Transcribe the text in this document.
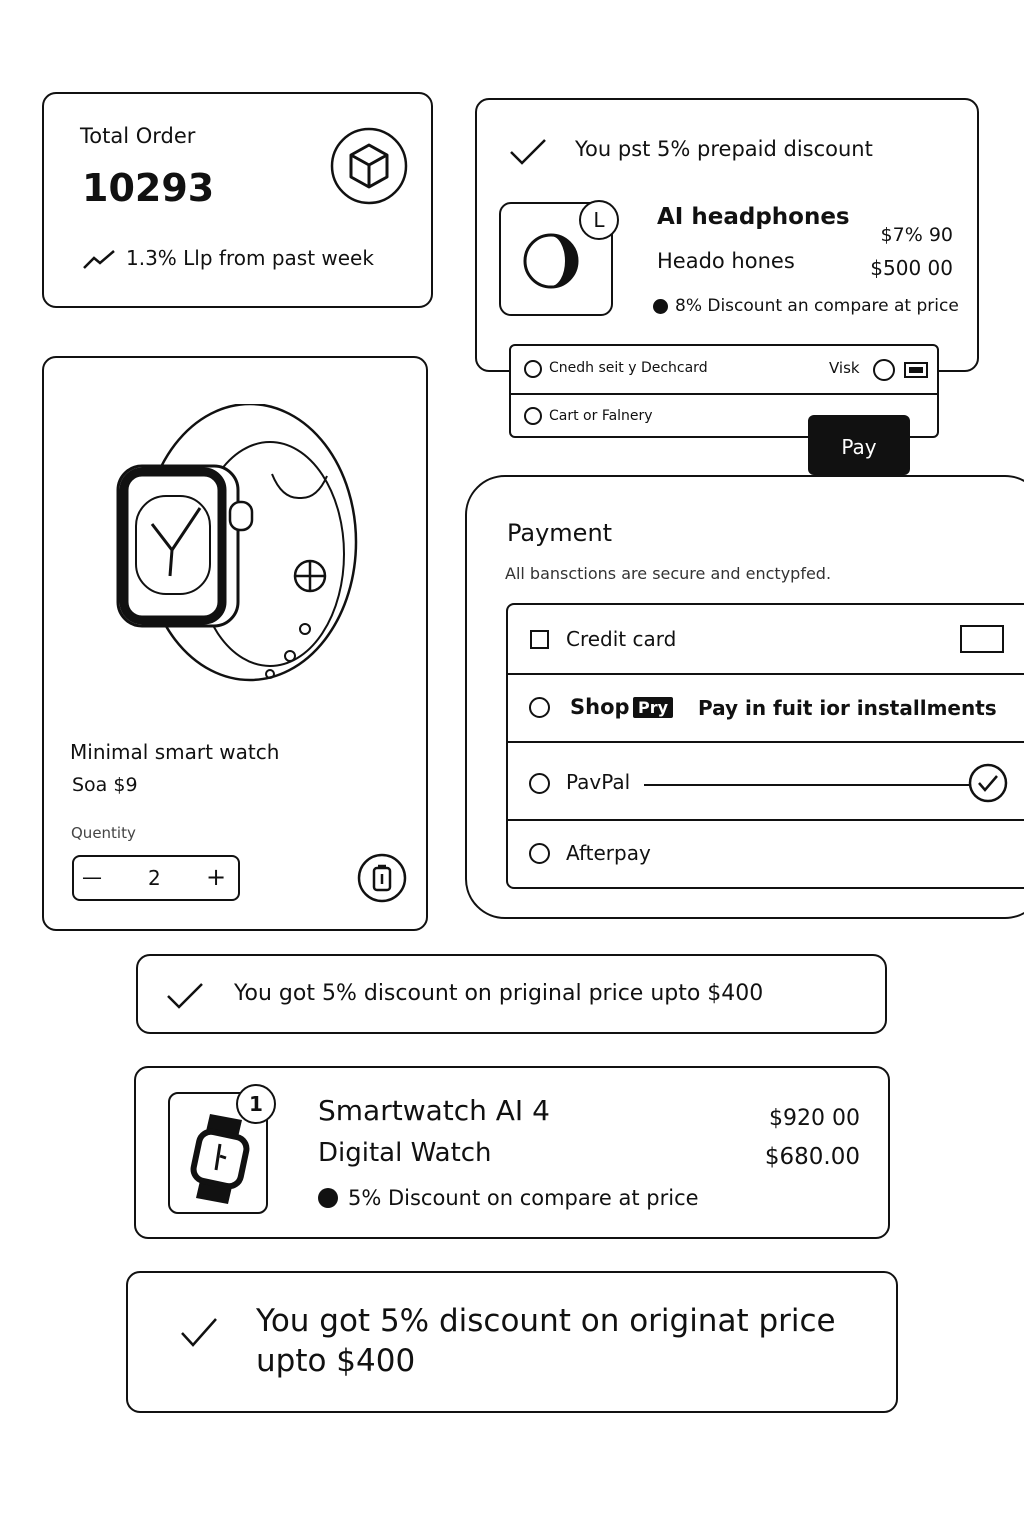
Total Order
10293
1.3% Llp from past week
You pst 5% prepaid discount
L	AI headphones
Heado hones
$7% 90
$500 00
8% Discount an compare at price
Cnedh seit y Dechcard	Visk
Cart or Falnery
Pay
Minimal smart watch
Soa $9
Quentity
— 2 +
Payment
All bansctions are secure and enctypfed.
Credit card
Shop Pry Pay in fuit ior installments
PavPal
Afterpay
You got 5% discount on priginal price upto $400
1	Smartwatch AI 4
Digital Watch
$920 00
$680.00
5% Discount on compare at price
You got 5% discount on originat price
upto $400
